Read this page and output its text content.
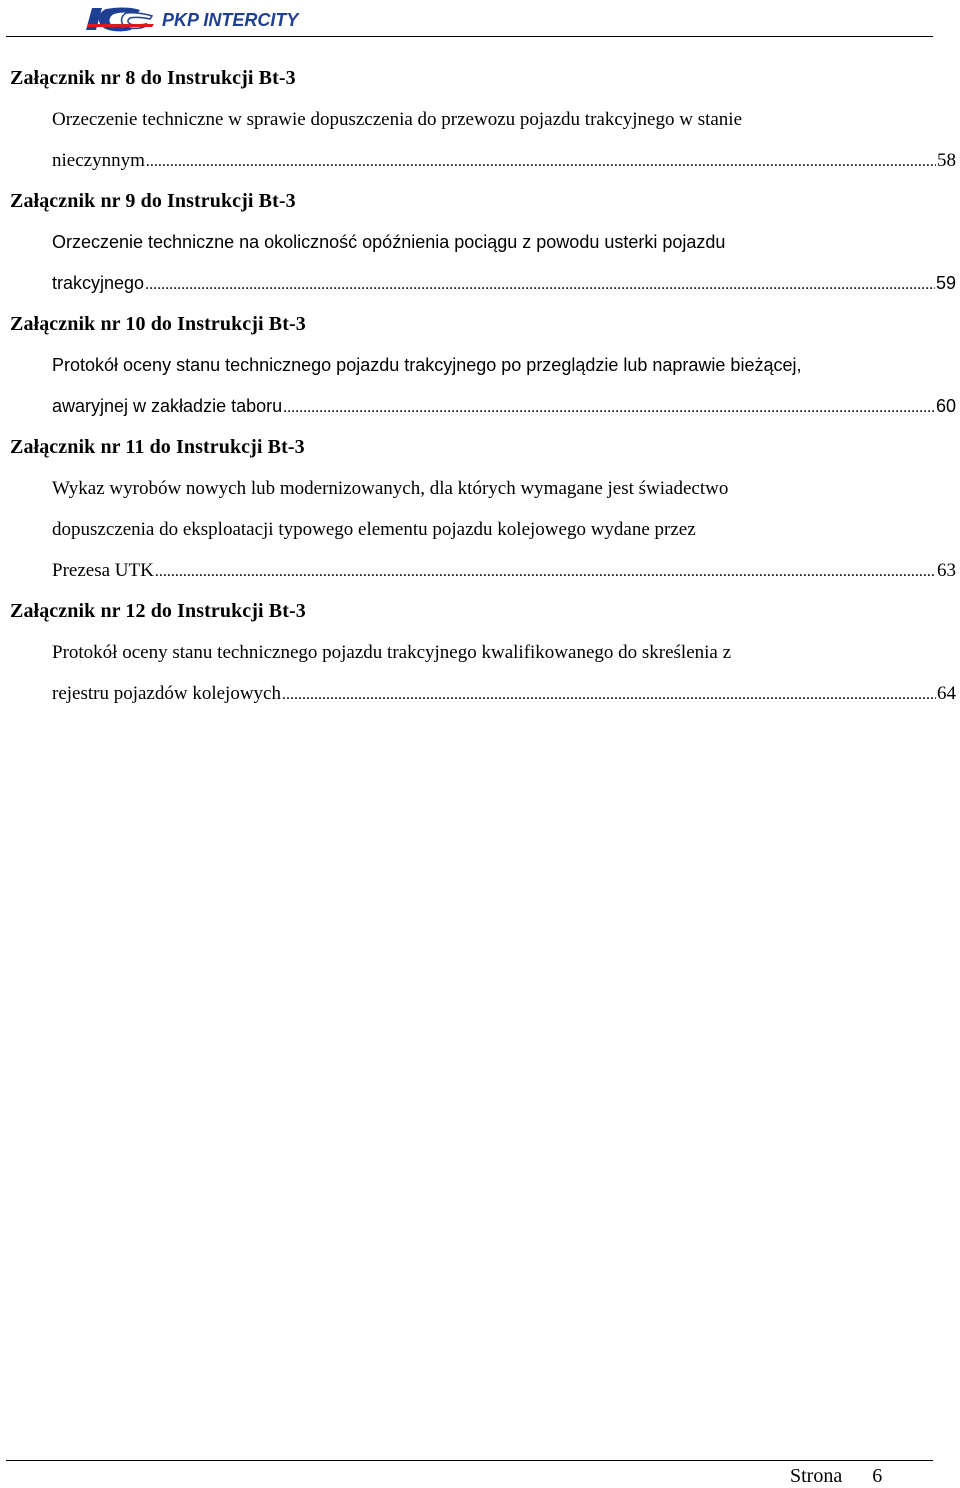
PKP INTERCITY
Załącznik nr 8 do Instrukcji Bt-3
Orzeczenie techniczne w sprawie dopuszczenia do przewozu pojazdu trakcyjnego w stanie
nieczynnym .....	58
Załącznik nr 9 do Instrukcji Bt-3
Orzeczenie techniczne na okoliczność opóźnienia pociągu z powodu usterki pojazdu
trakcyjnego .....	59
Załącznik nr 10 do Instrukcji Bt-3
Protokół oceny stanu technicznego pojazdu trakcyjnego po przeglądzie lub naprawie bieżącej,
awaryjnej w zakładzie taboru .....	60
Załącznik nr 11 do Instrukcji Bt-3
Wykaz wyrobów nowych lub modernizowanych, dla których wymagane jest świadectwo
dopuszczenia do eksploatacji typowego elementu pojazdu kolejowego wydane przez
Prezesa UTK .....	63
Załącznik nr 12 do Instrukcji Bt-3
Protokół oceny stanu technicznego pojazdu trakcyjnego kwalifikowanego do skreślenia z
rejestru pojazdów kolejowych .....	64
Strona 6
